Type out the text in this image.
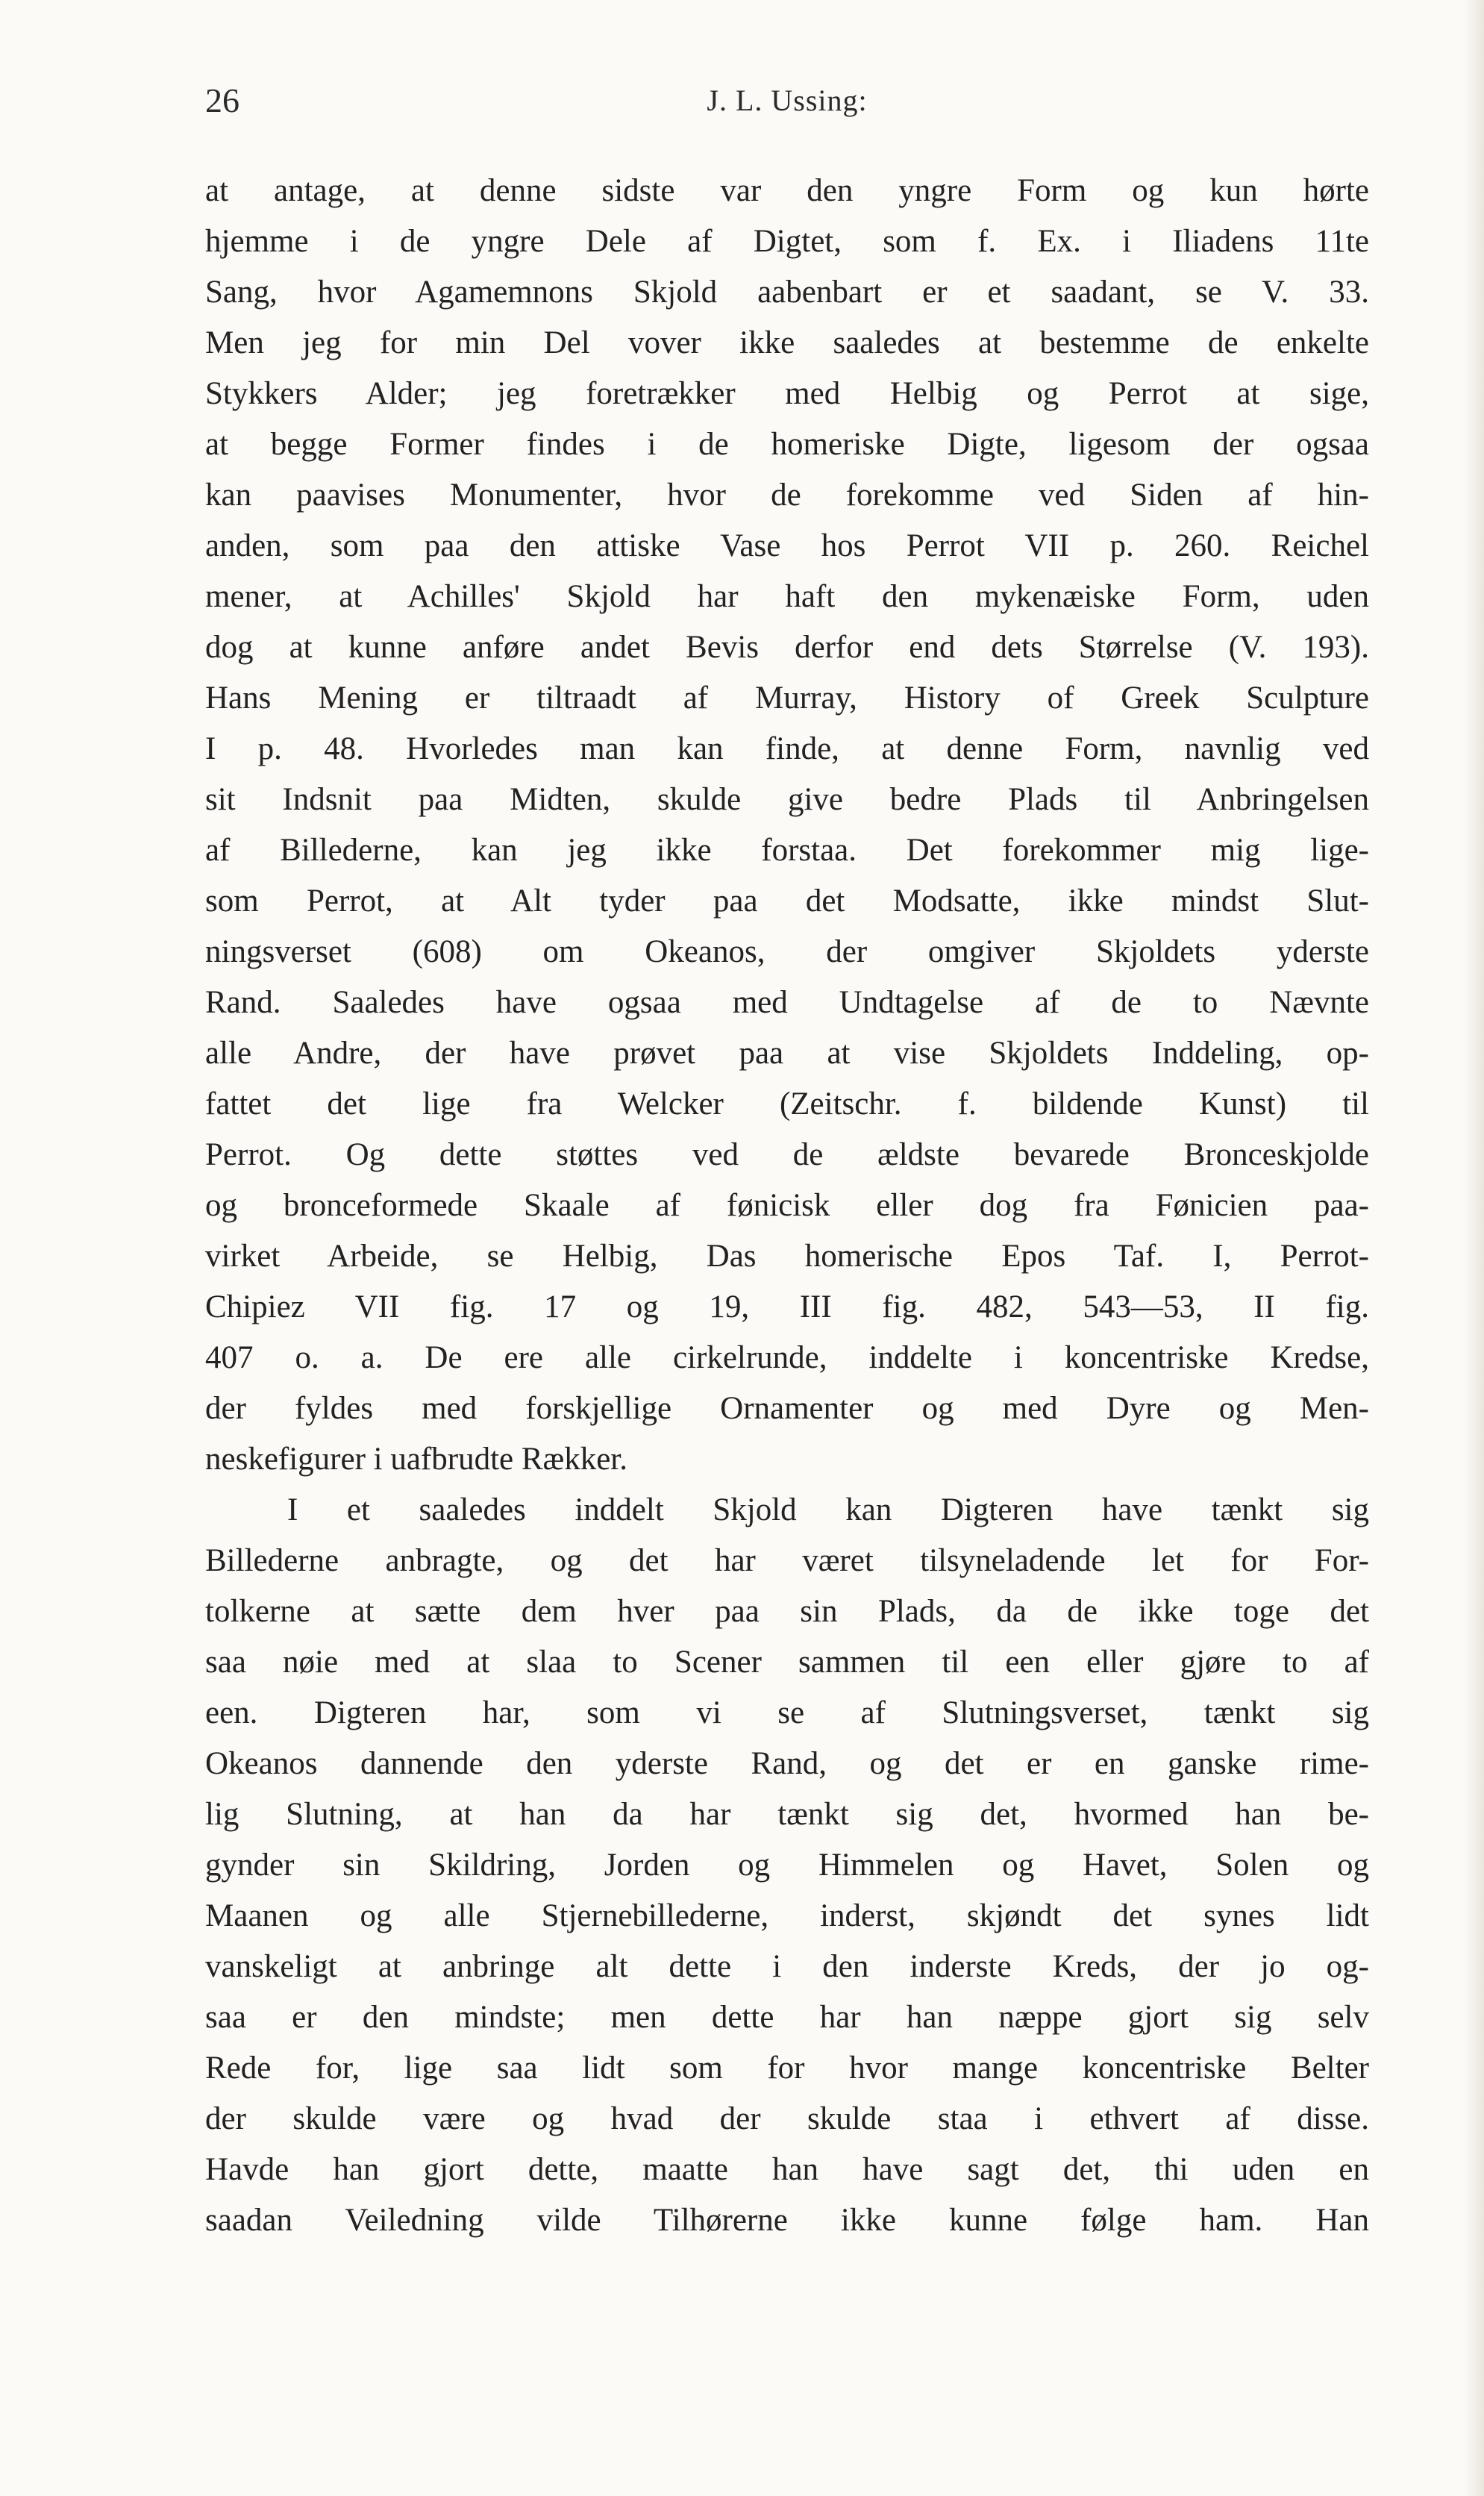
26	J. L. Ussing:
at antage, at denne sidste var den yngre Form og kun hørte
hjemme i de yngre Dele af Digtet, som f. Ex. i Iliadens 11te
Sang, hvor Agamemnons Skjold aabenbart er et saadant, se V. 33.
Men jeg for min Del vover ikke saaledes at bestemme de enkelte
Stykkers Alder; jeg foretrækker med Helbig og Perrot at sige,
at begge Former findes i de homeriske Digte, ligesom der ogsaa
kan paavises Monumenter, hvor de forekomme ved Siden af hin-
anden, som paa den attiske Vase hos Perrot VII p. 260. Reichel
mener, at Achilles' Skjold har haft den mykenæiske Form, uden
dog at kunne anføre andet Bevis derfor end dets Størrelse (V. 193).
Hans Mening er tiltraadt af Murray, History of Greek Sculpture
I p. 48. Hvorledes man kan finde, at denne Form, navnlig ved
sit Indsnit paa Midten, skulde give bedre Plads til Anbringelsen
af Billederne, kan jeg ikke forstaa. Det forekommer mig lige-
som Perrot, at Alt tyder paa det Modsatte, ikke mindst Slut-
ningsverset (608) om Okeanos, der omgiver Skjoldets yderste
Rand. Saaledes have ogsaa med Undtagelse af de to Nævnte
alle Andre, der have prøvet paa at vise Skjoldets Inddeling, op-
fattet det lige fra Welcker (Zeitschr. f. bildende Kunst) til
Perrot. Og dette støttes ved de ældste bevarede Bronceskjolde
og bronceformede Skaale af fønicisk eller dog fra Fønicien paa-
virket Arbeide, se Helbig, Das homerische Epos Taf. I, Perrot-
Chipiez VII fig. 17 og 19, III fig. 482, 543—53, II fig.
407 o. a. De ere alle cirkelrunde, inddelte i koncentriske Kredse,
der fyldes med forskjellige Ornamenter og med Dyre og Men-
neskefigurer i uafbrudte Rækker.
I et saaledes inddelt Skjold kan Digteren have tænkt sig
Billederne anbragte, og det har været tilsyneladende let for For-
tolkerne at sætte dem hver paa sin Plads, da de ikke toge det
saa nøie med at slaa to Scener sammen til een eller gjøre to af
een. Digteren har, som vi se af Slutningsverset, tænkt sig
Okeanos dannende den yderste Rand, og det er en ganske rime-
lig Slutning, at han da har tænkt sig det, hvormed han be-
gynder sin Skildring, Jorden og Himmelen og Havet, Solen og
Maanen og alle Stjernebillederne, inderst, skjøndt det synes lidt
vanskeligt at anbringe alt dette i den inderste Kreds, der jo og-
saa er den mindste; men dette har han næppe gjort sig selv
Rede for, lige saa lidt som for hvor mange koncentriske Belter
der skulde være og hvad der skulde staa i ethvert af disse.
Havde han gjort dette, maatte han have sagt det, thi uden en
saadan Veiledning vilde Tilhørerne ikke kunne følge ham. Han
